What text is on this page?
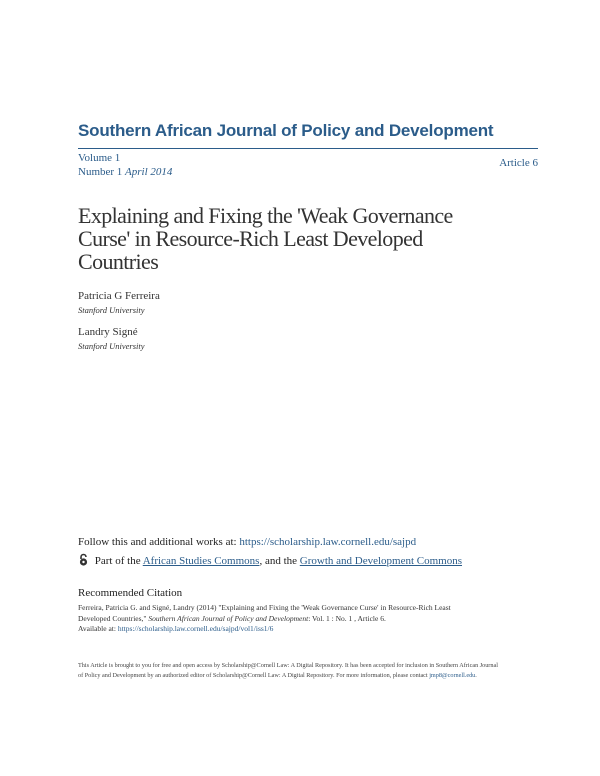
Southern African Journal of Policy and Development
Volume 1
Number 1 April 2014
Article 6
Explaining and Fixing the 'Weak Governance
Curse' in Resource-Rich Least Developed
Countries
Patricia G Ferreira
Stanford University
Landry Signé
Stanford University
Follow this and additional works at: https://scholarship.law.cornell.edu/sajpd
Part of the African Studies Commons, and the Growth and Development Commons
Recommended Citation
Ferreira, Patricia G. and Signé, Landry (2014) "Explaining and Fixing the 'Weak Governance Curse' in Resource-Rich Least
Developed Countries," Southern African Journal of Policy and Development: Vol. 1 : No. 1 , Article 6.
Available at: https://scholarship.law.cornell.edu/sajpd/vol1/iss1/6
This Article is brought to you for free and open access by Scholarship@Cornell Law: A Digital Repository. It has been accepted for inclusion in Southern African Journal of Policy and Development by an authorized editor of Scholarship@Cornell Law: A Digital Repository. For more information, please contact jmp8@cornell.edu.
